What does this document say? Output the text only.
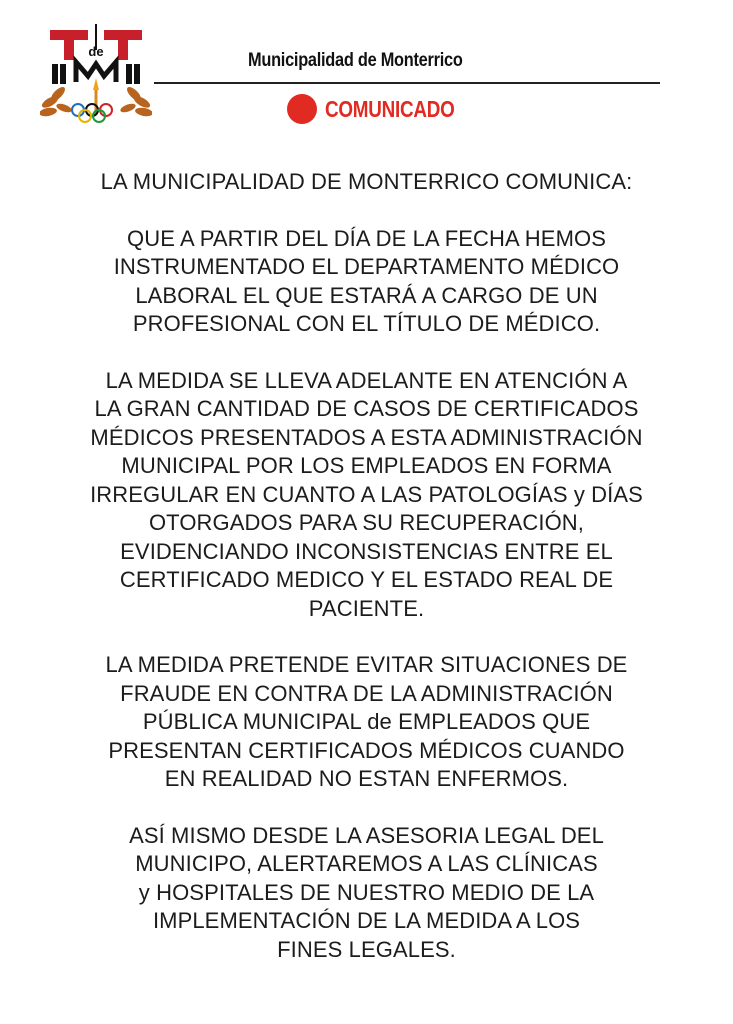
de	Municipalidad de Monterrico
COMUNICADO

LA MUNICIPALIDAD DE MONTERRICO COMUNICA:

QUE A PARTIR DEL DÍA DE LA FECHA HEMOS
INSTRUMENTADO EL DEPARTAMENTO MÉDICO
LABORAL EL QUE ESTARÁ A CARGO DE UN
PROFESIONAL CON EL TÍTULO DE MÉDICO.

LA MEDIDA SE LLEVA ADELANTE EN ATENCIÓN A
LA GRAN CANTIDAD DE CASOS DE CERTIFICADOS
MÉDICOS PRESENTADOS A ESTA ADMINISTRACIÓN
MUNICIPAL POR LOS EMPLEADOS EN FORMA
IRREGULAR EN CUANTO A LAS PATOLOGÍAS y DÍAS
OTORGADOS PARA SU RECUPERACIÓN,
EVIDENCIANDO INCONSISTENCIAS ENTRE EL
CERTIFICADO MEDICO Y EL ESTADO REAL DE
PACIENTE.

LA MEDIDA PRETENDE EVITAR SITUACIONES DE
FRAUDE EN CONTRA DE LA ADMINISTRACIÓN
PÚBLICA MUNICIPAL de EMPLEADOS QUE
PRESENTAN CERTIFICADOS MÉDICOS CUANDO
EN REALIDAD NO ESTAN ENFERMOS.

ASÍ MISMO DESDE LA ASESORIA LEGAL DEL
MUNICIPO, ALERTAREMOS A LAS CLÍNICAS
y HOSPITALES DE NUESTRO MEDIO DE LA
IMPLEMENTACIÓN DE LA MEDIDA A LOS
FINES LEGALES.
